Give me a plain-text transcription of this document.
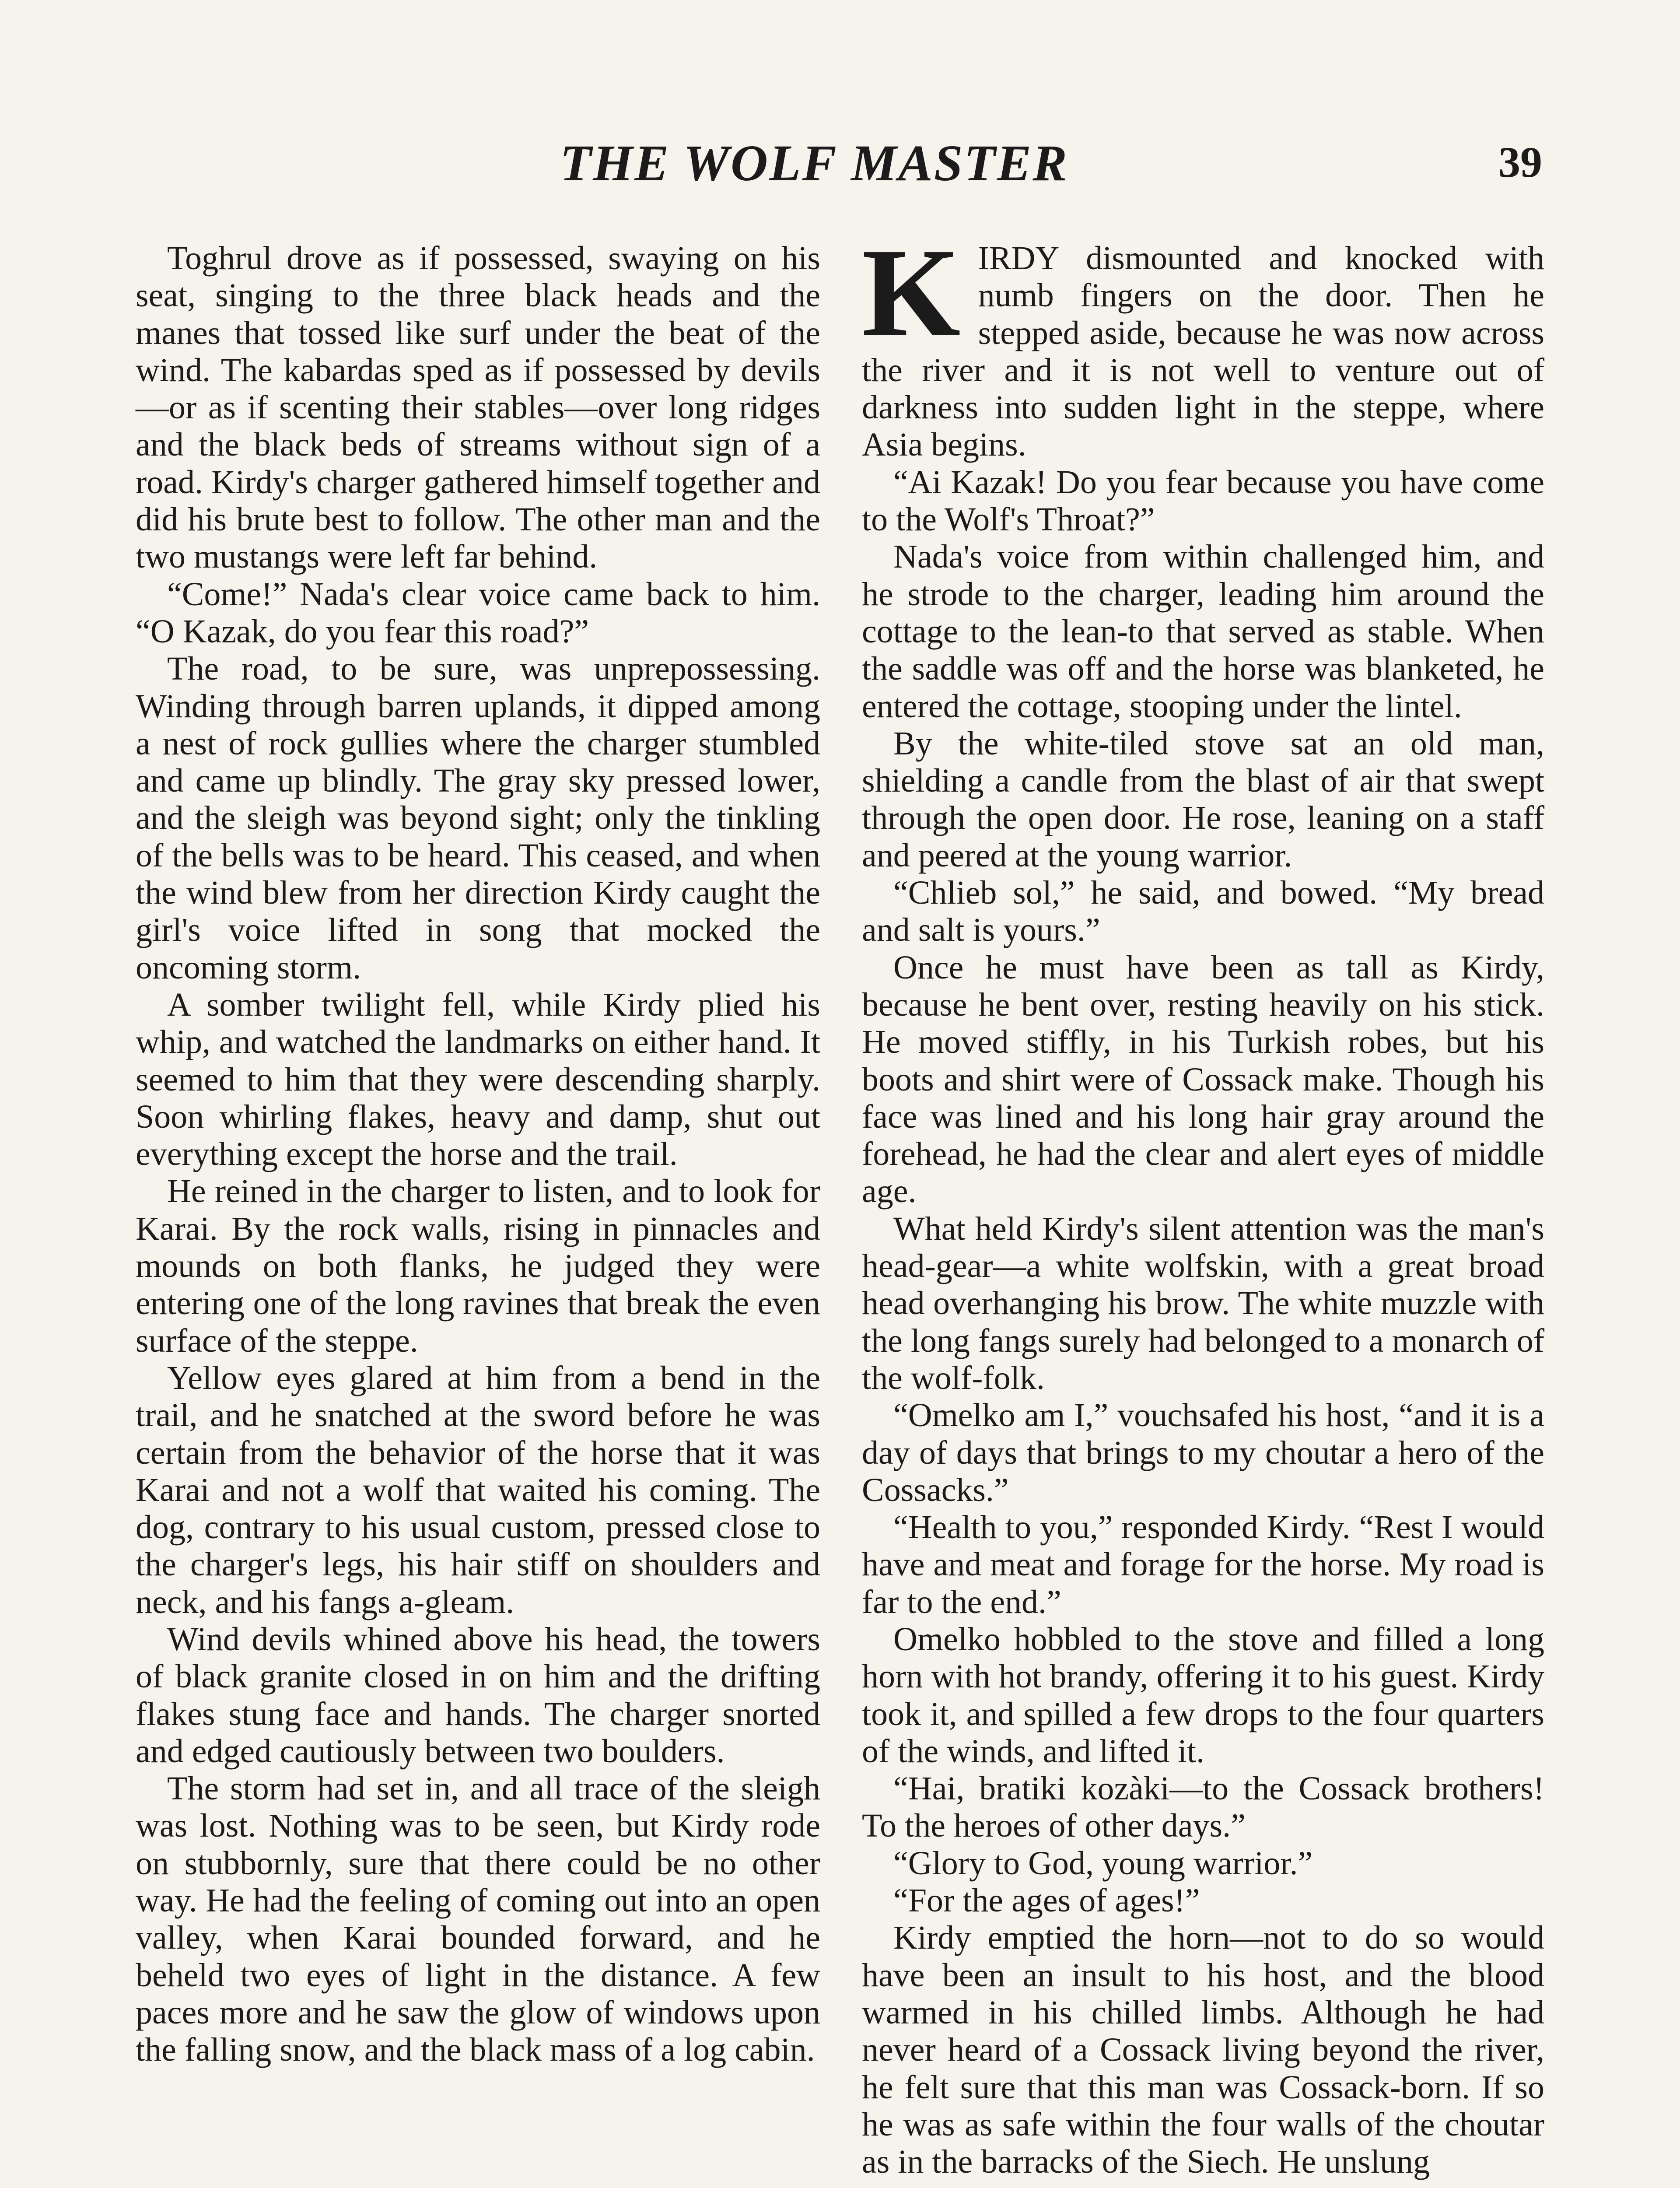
THE WOLF MASTER	39

Toghrul drove as if possessed, swaying on his seat, singing to the three black heads and the manes that tossed like surf under the beat of the wind. The kabardas sped as if possessed by devils—or as if scenting their stables—over long ridges and the black beds of streams without sign of a road. Kirdy's charger gathered himself together and did his brute best to follow. The other man and the two mustangs were left far behind.

“Come!” Nada's clear voice came back to him. “O Kazak, do you fear this road?”

The road, to be sure, was unprepossessing. Winding through barren uplands, it dipped among a nest of rock gullies where the charger stumbled and came up blindly. The gray sky pressed lower, and the sleigh was beyond sight; only the tinkling of the bells was to be heard. This ceased, and when the wind blew from her direction Kirdy caught the girl's voice lifted in song that mocked the oncoming storm.

A somber twilight fell, while Kirdy plied his whip, and watched the landmarks on either hand. It seemed to him that they were descending sharply. Soon whirling flakes, heavy and damp, shut out everything except the horse and the trail.

He reined in the charger to listen, and to look for Karai. By the rock walls, rising in pinnacles and mounds on both flanks, he judged they were entering one of the long ravines that break the even surface of the steppe.

Yellow eyes glared at him from a bend in the trail, and he snatched at the sword before he was certain from the behavior of the horse that it was Karai and not a wolf that waited his coming. The dog, contrary to his usual custom, pressed close to the charger's legs, his hair stiff on shoulders and neck, and his fangs a-gleam.

Wind devils whined above his head, the towers of black granite closed in on him and the drifting flakes stung face and hands. The charger snorted and edged cautiously between two boulders.

The storm had set in, and all trace of the sleigh was lost. Nothing was to be seen, but Kirdy rode on stubbornly, sure that there could be no other way. He had the feeling of coming out into an open valley, when Karai bounded forward, and he beheld two eyes of light in the distance. A few paces more and he saw the glow of windows upon the falling snow, and the black mass of a log cabin.

KIRDY dismounted and knocked with numb fingers on the door. Then he stepped aside, because he was now across the river and it is not well to venture out of darkness into sudden light in the steppe, where Asia begins.

“Ai Kazak! Do you fear because you have come to the Wolf's Throat?”

Nada's voice from within challenged him, and he strode to the charger, leading him around the cottage to the lean-to that served as stable. When the saddle was off and the horse was blanketed, he entered the cottage, stooping under the lintel.

By the white-tiled stove sat an old man, shielding a candle from the blast of air that swept through the open door. He rose, leaning on a staff and peered at the young warrior.

“Chlieb sol,” he said, and bowed. “My bread and salt is yours.”

Once he must have been as tall as Kirdy, because he bent over, resting heavily on his stick. He moved stiffly, in his Turkish robes, but his boots and shirt were of Cossack make. Though his face was lined and his long hair gray around the forehead, he had the clear and alert eyes of middle age.

What held Kirdy's silent attention was the man's head-gear—a white wolfskin, with a great broad head overhanging his brow. The white muzzle with the long fangs surely had belonged to a monarch of the wolf-folk.

“Omelko am I,” vouchsafed his host, “and it is a day of days that brings to my choutar a hero of the Cossacks.”

“Health to you,” responded Kirdy. “Rest I would have and meat and forage for the horse. My road is far to the end.”

Omelko hobbled to the stove and filled a long horn with hot brandy, offering it to his guest. Kirdy took it, and spilled a few drops to the four quarters of the winds, and lifted it.

“Hai, bratiki kozàki—to the Cossack brothers! To the heroes of other days.”

“Glory to God, young warrior.”

“For the ages of ages!”

Kirdy emptied the horn—not to do so would have been an insult to his host, and the blood warmed in his chilled limbs. Although he had never heard of a Cossack living beyond the river, he felt sure that this man was Cossack-born. If so he was as safe within the four walls of the choutar as in the barracks of the Siech. He unslung
